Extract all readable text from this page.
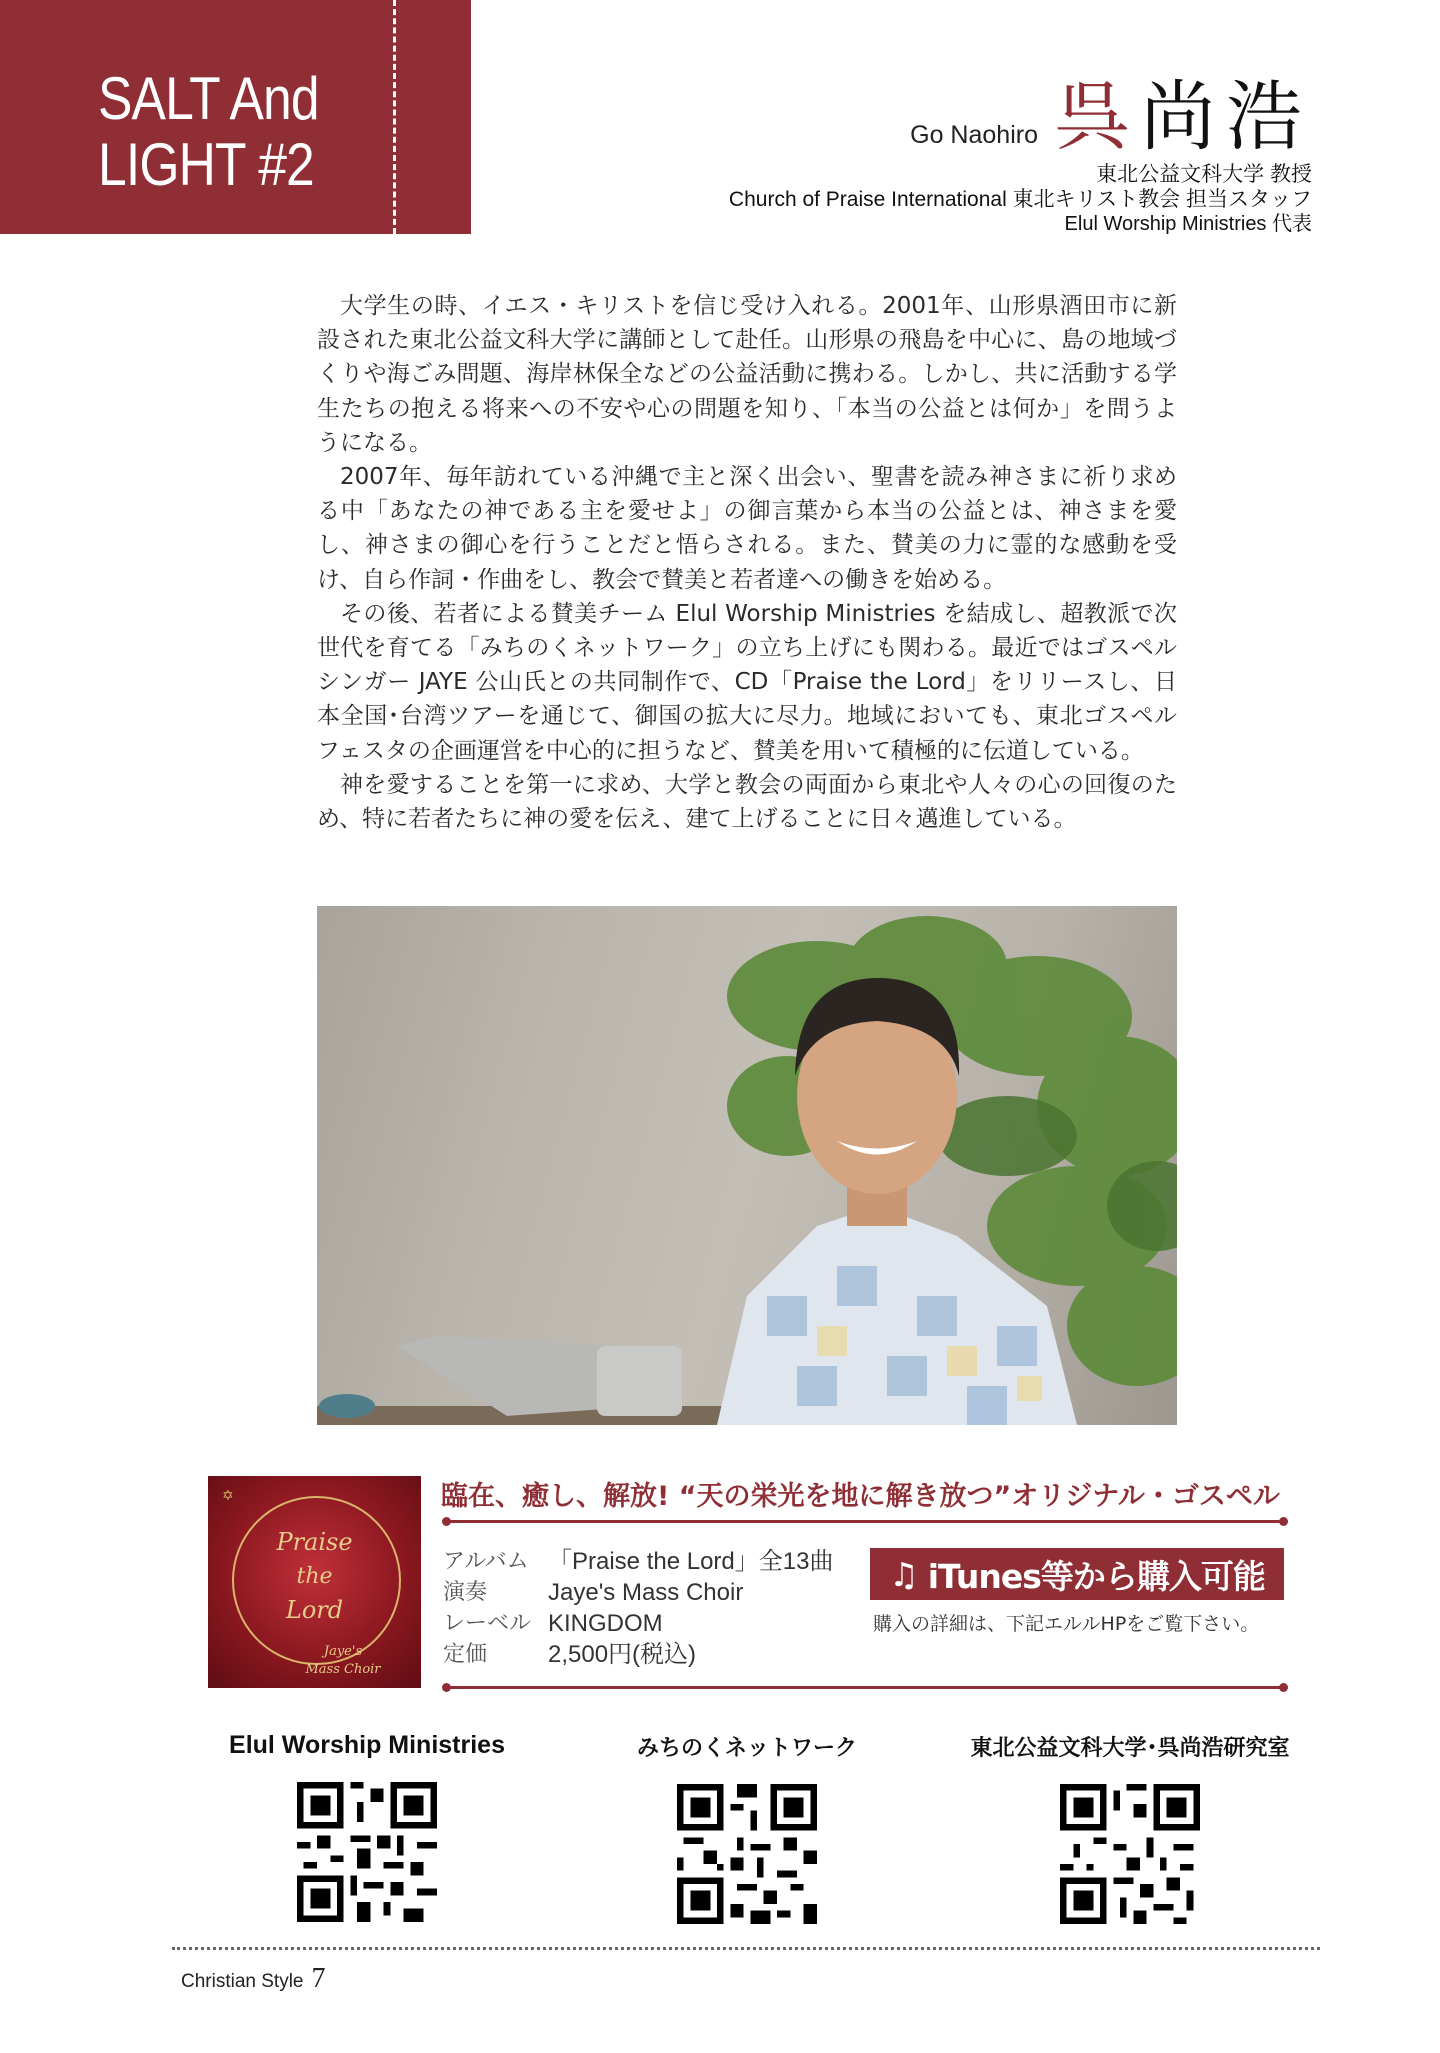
SALT And
LIGHT #2	Go Naohiro 呉尚浩
東北公益文科大学 教授
Church of Praise International 東北キリスト教会 担当スタッフ
Elul Worship Ministries 代表

大学生の時、イエス・キリストを信じ受け入れる。2001年、山形県酒田市に新設された東北公益文科大学に講師として赴任。山形県の飛島を中心に、島の地域づくりや海ごみ問題、海岸林保全などの公益活動に携わる。しかし、共に活動する学生たちの抱える将来への不安や心の問題を知り、「本当の公益とは何か」を問うようになる。

2007年、毎年訪れている沖縄で主と深く出会い、聖書を読み神さまに祈り求める中「あなたの神である主を愛せよ」の御言葉から本当の公益とは、神さまを愛し、神さまの御心を行うことだと悟らされる。また、賛美の力に霊的な感動を受け、自ら作詞・作曲をし、教会で賛美と若者達への働きを始める。

その後、若者による賛美チーム Elul Worship Ministries を結成し、超教派で次世代を育てる「みちのくネットワーク」の立ち上げにも関わる。最近ではゴスペルシンガー JAYE 公山氏との共同制作で、CD「Praise the Lord」をリリースし、日本全国･台湾ツアーを通じて、御国の拡大に尽力。地域においても、東北ゴスペルフェスタの企画運営を中心的に担うなど、賛美を用いて積極的に伝道している。

神を愛することを第一に求め、大学と教会の両面から東北や人々の心の回復のため、特に若者たちに神の愛を伝え、建て上げることに日々邁進している。

✡
Praise
the
Lord
Jaye's
Mass Choir
臨在、癒し、解放! “天の栄光を地に解き放つ”オリジナル・ゴスペル
アルバム 「Praise the Lord」全13曲
演奏	Jaye's Mass Choir
レーベル KINGDOM
定価	2,500円(税込)
♫ iTunes等から購入可能
購入の詳細は、下記エルルHPをご覧下さい。

Elul Worship Ministries	みちのくネットワーク	東北公益文科大学･呉尚浩研究室

Christian Style 7
